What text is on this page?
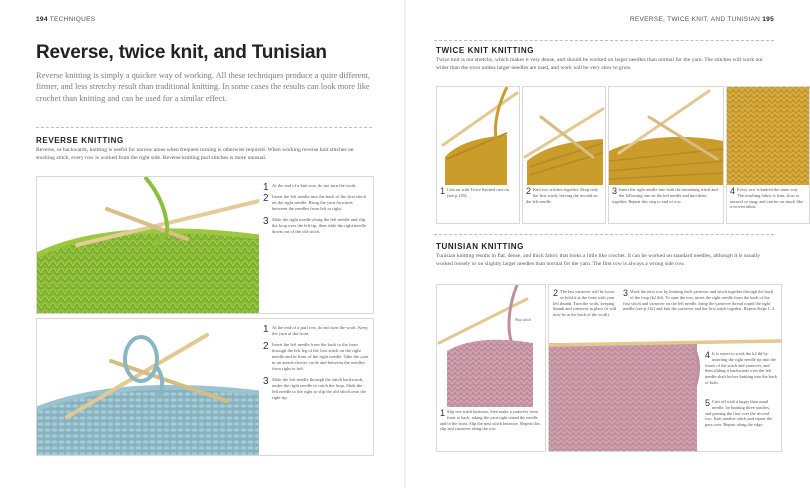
194 TECHNIQUES
Reverse, twice knit, and Tunisian

Reverse knitting is simply a quicker way of working. All these techniques produce a quite different, firmer, and less stretchy result than traditional knitting. In some cases the results can look more like crochet than knitting and can be used for a similar effect.

REVERSE KNITTING

Reverse, or backwards, knitting is useful for narrow areas when frequent turning is otherwise required. When working reverse knit stitches on stocking stitch, every row is worked from the right side. Reverse knitting purl stitches is more unusual.

1 At the end of a knit row, do not turn the work.
2 Insert the left needle into the back of the first stitch on the right needle. Bring the yarn forwards between the needles from left to right.
3 Slide the right needle along the left needle and slip the loop over the left tip, then slide the right needle down out of the old stitch.
1 At the end of a purl row, do not turn the work. Keep the yarn at the front.
2 Insert the left needle from the back to the front through the left leg of the first stitch on the right needle and in front of the right needle. Take the yarn in an anticlockwise circle and between the needles from right to left.
3 Slide the left needle through the stitch backwards under the right needle to catch the loop. Slide the left needle to the right to slip the old stitch onto the right tip.
REVERSE, TWICE KNIT, AND TUNISIAN 195
TWICE KNIT KNITTING

Twice knit is not stretchy, which makes it very dense, and should be worked on larger needles than normal for the yarn. The stitches will work out wider than the rows unless larger needles are used, and work will be very slow to grow.

1 Cast on with Twice Knitted cast-on (see p.105).	2 Knit two stitches together. Drop only the first stitch, leaving the second on the left needle.
3 Insert the right needle into both the remaining stitch and the following one on the left needle and knit them together. Repeat this step to end of row.
4 Every row is knitted the same way. The resulting fabric is firm, slow to unravel or snag, and can be cut much like a woven fabric.
TUNISIAN KNITTING

Tunisian knitting results in flat, dense, and thick fabric that looks a little like crochet. It can be worked on standard needles, although it is usually worked loosely or on slightly larger needles than normal for the yarn. The first row is always a wrong side row.

Slip stitch
1 Slip one stitch knitwise, then make a yarnover from front to back, taking the yarn right round the needle and to the front. Slip the next stitch knitwise. Repeat this slip and yarnover along the row.
2 The last yarnover will be loose, so hold it at the front with your left thumb. Turn the work, keeping thumb and yarnover in place (it will now be at the back of the work).
3 Work the next row by knitting each yarnover and stitch together through the back of the loop (k2 tbl). To start the row, insert the right needle from the back of the first stitch and yarnover on the left needle, bring the yarnover thread round the right needle (see p.132) and knit the yarnover and the first stitch together. Repeat Steps 1–3.
4 It is easier to work the k2 tbl by inserting the right needle tip into the fronts of the stitch and yarnover, and then sliding it backwards over the left needle shaft before knitting into the back of both.
5 Cast off with a larger than usual needle, by knitting three stitches, and passing the first over the second two. Knit another stitch and repeat the pass over. Repeat along the edge.
